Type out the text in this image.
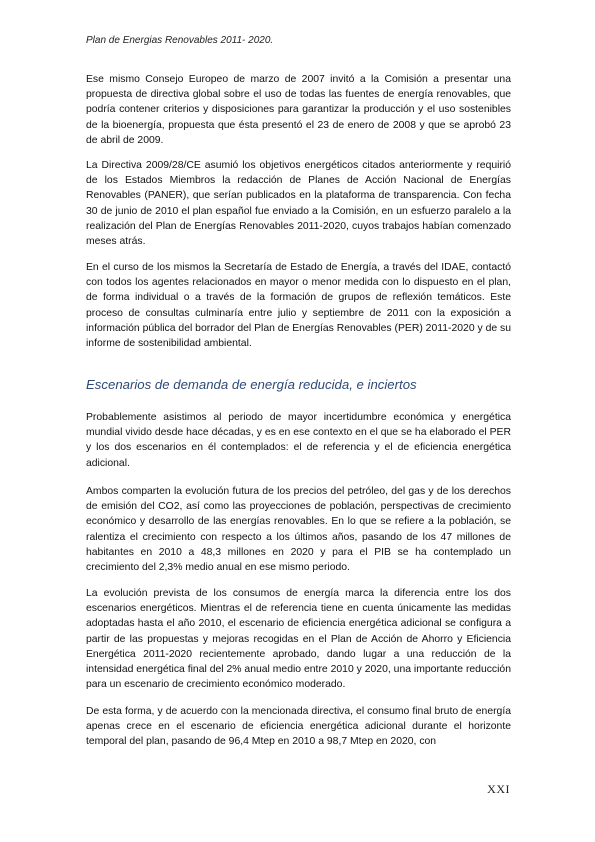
Plan de Energias Renovables 2011- 2020.

Ese mismo Consejo Europeo de marzo de 2007 invitó a la Comisión a presentar una propuesta de directiva global sobre el uso de todas las fuentes de energía renovables, que podría contener criterios y disposiciones para garantizar la producción y el uso sostenibles de la bioenergía, propuesta que ésta presentó el 23 de enero de 2008 y que se aprobó 23 de abril de 2009.

La Directiva 2009/28/CE asumió los objetivos energéticos citados anteriormente y requirió de los Estados Miembros la redacción de Planes de Acción Nacional de Energías Renovables (PANER), que serían publicados en la plataforma de transparencia. Con fecha 30 de junio de 2010 el plan español fue enviado a la Comisión, en un esfuerzo paralelo a la realización del Plan de Energías Renovables 2011-2020, cuyos trabajos habían comenzado meses atrás.

En el curso de los mismos la Secretaría de Estado de Energía, a través del IDAE, contactó con todos los agentes relacionados en mayor o menor medida con lo dispuesto en el plan, de forma individual o a través de la formación de grupos de reflexión temáticos. Este proceso de consultas culminaría entre julio y septiembre de 2011 con la exposición a información pública del borrador del Plan de Energías Renovables (PER) 2011-2020 y de su informe de sostenibilidad ambiental.

Escenarios de demanda de energía reducida, e inciertos

Probablemente asistimos al periodo de mayor incertidumbre económica y energética mundial vivido desde hace décadas, y es en ese contexto en el que se ha elaborado el PER y los dos escenarios en él contemplados: el de referencia y el de eficiencia energética adicional.

Ambos comparten la evolución futura de los precios del petróleo, del gas y de los derechos de emisión del CO2, así como las proyecciones de población, perspectivas de crecimiento económico y desarrollo de las energías renovables. En lo que se refiere a la población, se ralentiza el crecimiento con respecto a los últimos años, pasando de los 47 millones de habitantes en 2010 a 48,3 millones en 2020 y para el PIB se ha contemplado un crecimiento del 2,3% medio anual en ese mismo periodo.

La evolución prevista de los consumos de energía marca la diferencia entre los dos escenarios energéticos. Mientras el de referencia tiene en cuenta únicamente las medidas adoptadas hasta el año 2010, el escenario de eficiencia energética adicional se configura a partir de las propuestas y mejoras recogidas en el Plan de Acción de Ahorro y Eficiencia Energética 2011-2020 recientemente aprobado, dando lugar a una reducción de la intensidad energética final del 2% anual medio entre 2010 y 2020, una importante reducción para un escenario de crecimiento económico moderado.

De esta forma, y de acuerdo con la mencionada directiva, el consumo final bruto de energía apenas crece en el escenario de eficiencia energética adicional durante el horizonte temporal del plan, pasando de 96,4 Mtep en 2010 a 98,7 Mtep en 2020, con

XXI
